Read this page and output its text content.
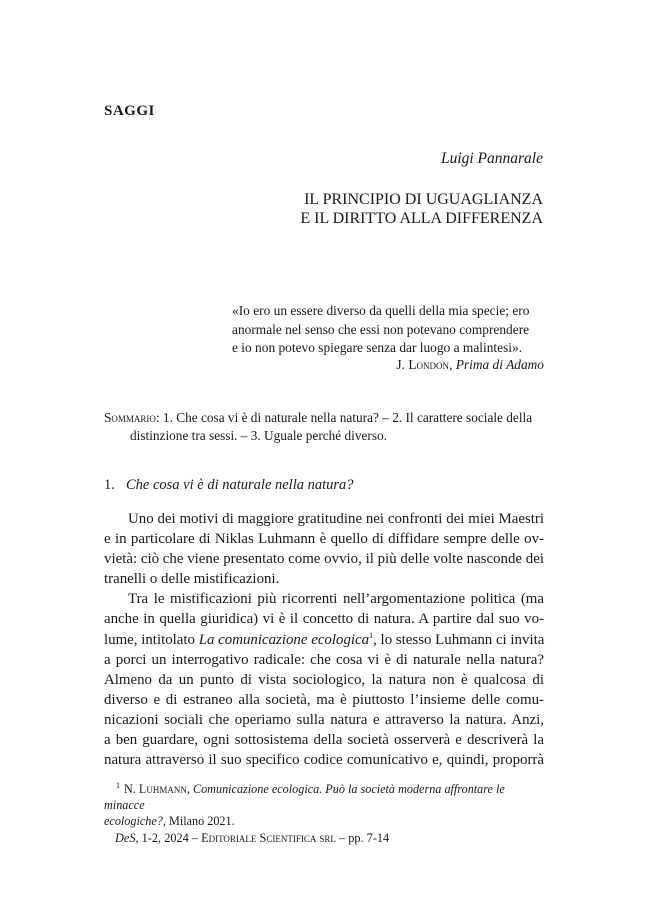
SAGGI
Luigi Pannarale
IL PRINCIPIO DI UGUAGLIANZA
E IL DIRITTO ALLA DIFFERENZA
«Io ero un essere diverso da quelli della mia specie; ero
anormale nel senso che essi non potevano comprendere
e io non potevo spiegare senza dar luogo a malintesi».
J. London, Prima di Adamo
Sommario: 1. Che cosa vi è di naturale nella natura? – 2. Il carattere sociale della
distinzione tra sessi. – 3. Uguale perché diverso.
1. Che cosa vi è di naturale nella natura?
Uno dei motivi di maggiore gratitudine nei confronti dei miei Maestri
e in particolare di Niklas Luhmann è quello di diffidare sempre delle ov-
vietà: ciò che viene presentato come ovvio, il più delle volte nasconde dei
tranelli o delle mistificazioni.
Tra le mistificazioni più ricorrenti nell’argomentazione politica (ma
anche in quella giuridica) vi è il concetto di natura. A partire dal suo vo-
lume, intitolato La comunicazione ecologica$^1$, lo stesso Luhmann ci invita
a porci un interrogativo radicale: che cosa vi è di naturale nella natura?
Almeno da un punto di vista sociologico, la natura non è qualcosa di
diverso e di estraneo alla società, ma è piuttosto l’insieme delle comu-
nicazioni sociali che operiamo sulla natura e attraverso la natura. Anzi,
a ben guardare, ogni sottosistema della società osserverà e descriverà la
natura attraverso il suo specifico codice comunicativo e, quindi, proporrà
$^1$ N. Luhmann, Comunicazione ecologica. Può la società moderna affrontare le minacce
ecologiche?, Milano 2021.
DeS, 1-2, 2024 – Editoriale Scientifica srl – pp. 7-14
